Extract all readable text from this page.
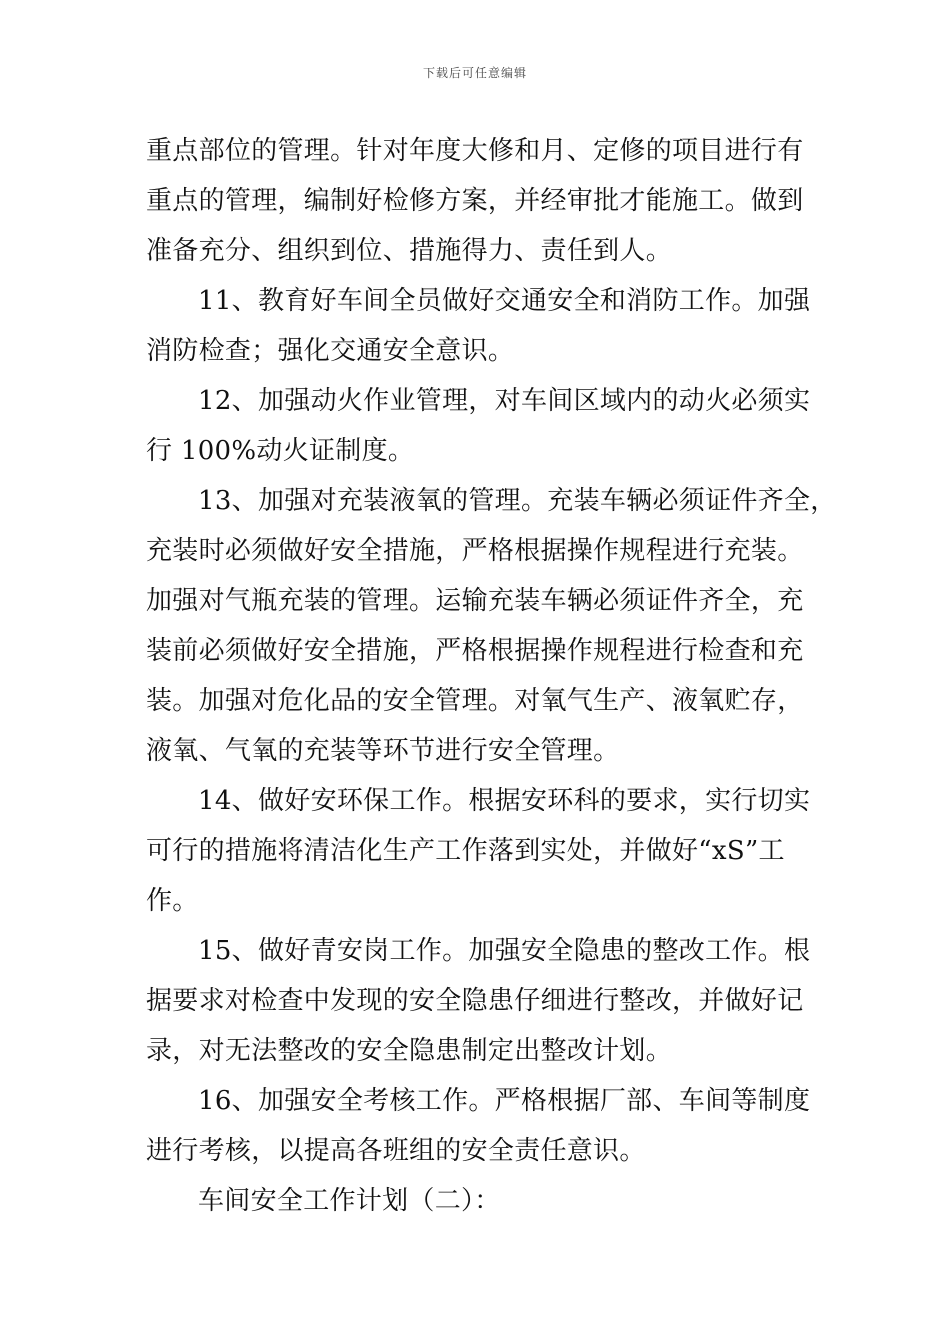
下载后可任意编辑
重点部位的管理。针对年度大修和月、定修的项目进行有
重点的管理，编制好检修方案，并经审批才能施工。做到
准备充分、组织到位、措施得力、责任到人。
11、教育好车间全员做好交通安全和消防工作。加强
消防检查；强化交通安全意识。
12、加强动火作业管理，对车间区域内的动火必须实
行 100%动火证制度。
13、加强对充装液氧的管理。充装车辆必须证件齐全，
充装时必须做好安全措施，严格根据操作规程进行充装。
加强对气瓶充装的管理。运输充装车辆必须证件齐全，充
装前必须做好安全措施，严格根据操作规程进行检查和充
装。加强对危化品的安全管理。对氧气生产、液氧贮存，
液氧、气氧的充装等环节进行安全管理。
14、做好安环保工作。根据安环科的要求，实行切实
可行的措施将清洁化生产工作落到实处，并做好“xS”工
作。
15、做好青安岗工作。加强安全隐患的整改工作。根
据要求对检查中发现的安全隐患仔细进行整改，并做好记
录，对无法整改的安全隐患制定出整改计划。
16、加强安全考核工作。严格根据厂部、车间等制度
进行考核，以提高各班组的安全责任意识。
车间安全工作计划（二）：
